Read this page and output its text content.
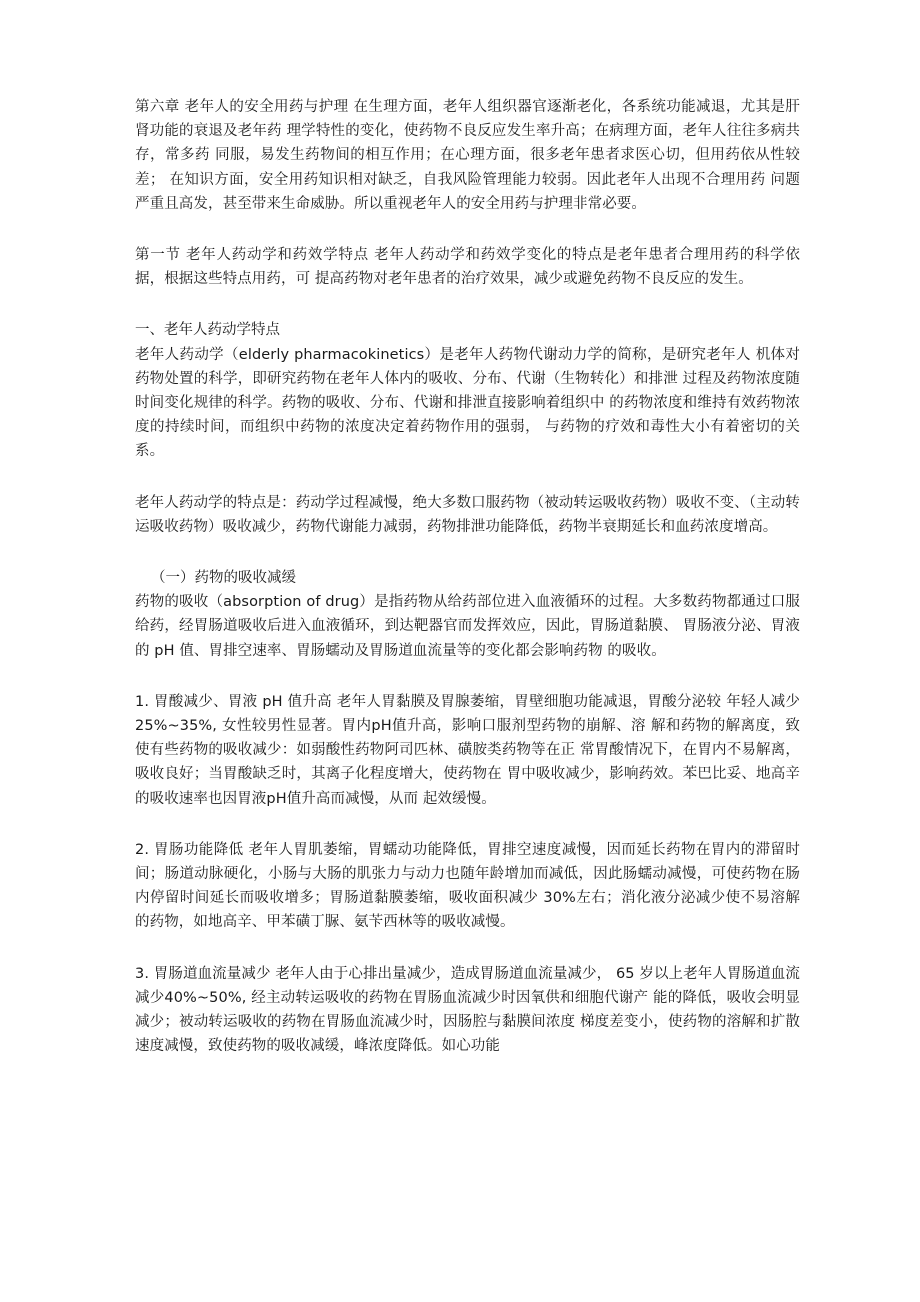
第六章 老年人的安全用药与护理 在生理方面，老年人组织器官逐渐老化，各系统功能减退，尤其是肝肾功能的衰退及老年药 理学特性的变化，使药物不良反应发生率升高；在病理方面，老年人往往多病共存，常多药 同服，易发生药物间的相互作用；在心理方面，很多老年患者求医心切，但用药依从性较差； 在知识方面，安全用药知识相对缺乏，自我风险管理能力较弱。因此老年人出现不合理用药 问题严重且高发，甚至带来生命威胁。所以重视老年人的安全用药与护理非常必要。

第一节 老年人药动学和药效学特点 老年人药动学和药效学变化的特点是老年患者合理用药的科学依据，根据这些特点用药，可 提高药物对老年患者的治疗效果，减少或避免药物不良反应的发生。

一、老年人药动学特点

老年人药动学（elderly pharmacokinetics）是老年人药物代谢动力学的简称，是研究老年人 机体对药物处置的科学，即研究药物在老年人体内的吸收、分布、代谢（生物转化）和排泄 过程及药物浓度随时间变化规律的科学。药物的吸收、分布、代谢和排泄直接影响着组织中 的药物浓度和维持有效药物浓度的持续时间，而组织中药物的浓度决定着药物作用的强弱， 与药物的疗效和毒性大小有着密切的关系。

老年人药动学的特点是：药动学过程减慢，绝大多数口服药物（被动转运吸收药物）吸收不变、（主动转运吸收药物）吸收减少，药物代谢能力减弱，药物排泄功能降低，药物半衰期延长和血药浓度增高。

（一）药物的吸收减缓

药物的吸收（absorption of drug）是指药物从给药部位进入血液循环的过程。大多数药物都通过口服给药，经胃肠道吸收后进入血液循环，到达靶器官而发挥效应，因此，胃肠道黏膜、 胃肠液分泌、胃液的 pH 值、胃排空速率、胃肠蠕动及胃肠道血流量等的变化都会影响药物 的吸收。

1. 胃酸减少、胃液 pH 值升高 老年人胃黏膜及胃腺萎缩，胃壁细胞功能减退，胃酸分泌较 年轻人减少25%~35%, 女性较男性显著。胃内pH值升高，影响口服剂型药物的崩解、溶 解和药物的解离度，致使有些药物的吸收减少：如弱酸性药物阿司匹林、磺胺类药物等在正 常胃酸情况下，在胃内不易解离，吸收良好；当胃酸缺乏时，其离子化程度增大，使药物在 胃中吸收减少，影响药效。苯巴比妥、地高辛的吸收速率也因胃液pH值升高而减慢，从而 起效缓慢。

2. 胃肠功能降低 老年人胃肌萎缩，胃蠕动功能降低，胃排空速度减慢，因而延长药物在胃内的滞留时间；肠道动脉硬化，小肠与大肠的肌张力与动力也随年龄增加而减低，因此肠蠕动减慢，可使药物在肠内停留时间延长而吸收增多；胃肠道黏膜萎缩，吸收面积减少 30%左右；消化液分泌减少使不易溶解的药物，如地高辛、甲苯磺丁脲、氨苄西林等的吸收减慢。

3. 胃肠道血流量减少 老年人由于心排出量减少，造成胃肠道血流量减少， 65 岁以上老年人胃肠道血流减少40%~50%, 经主动转运吸收的药物在胃肠血流减少时因氧供和细胞代谢产 能的降低，吸收会明显减少；被动转运吸收的药物在胃肠血流减少时，因肠腔与黏膜间浓度 梯度差变小，使药物的溶解和扩散速度减慢，致使药物的吸收减缓，峰浓度降低。如心功能
